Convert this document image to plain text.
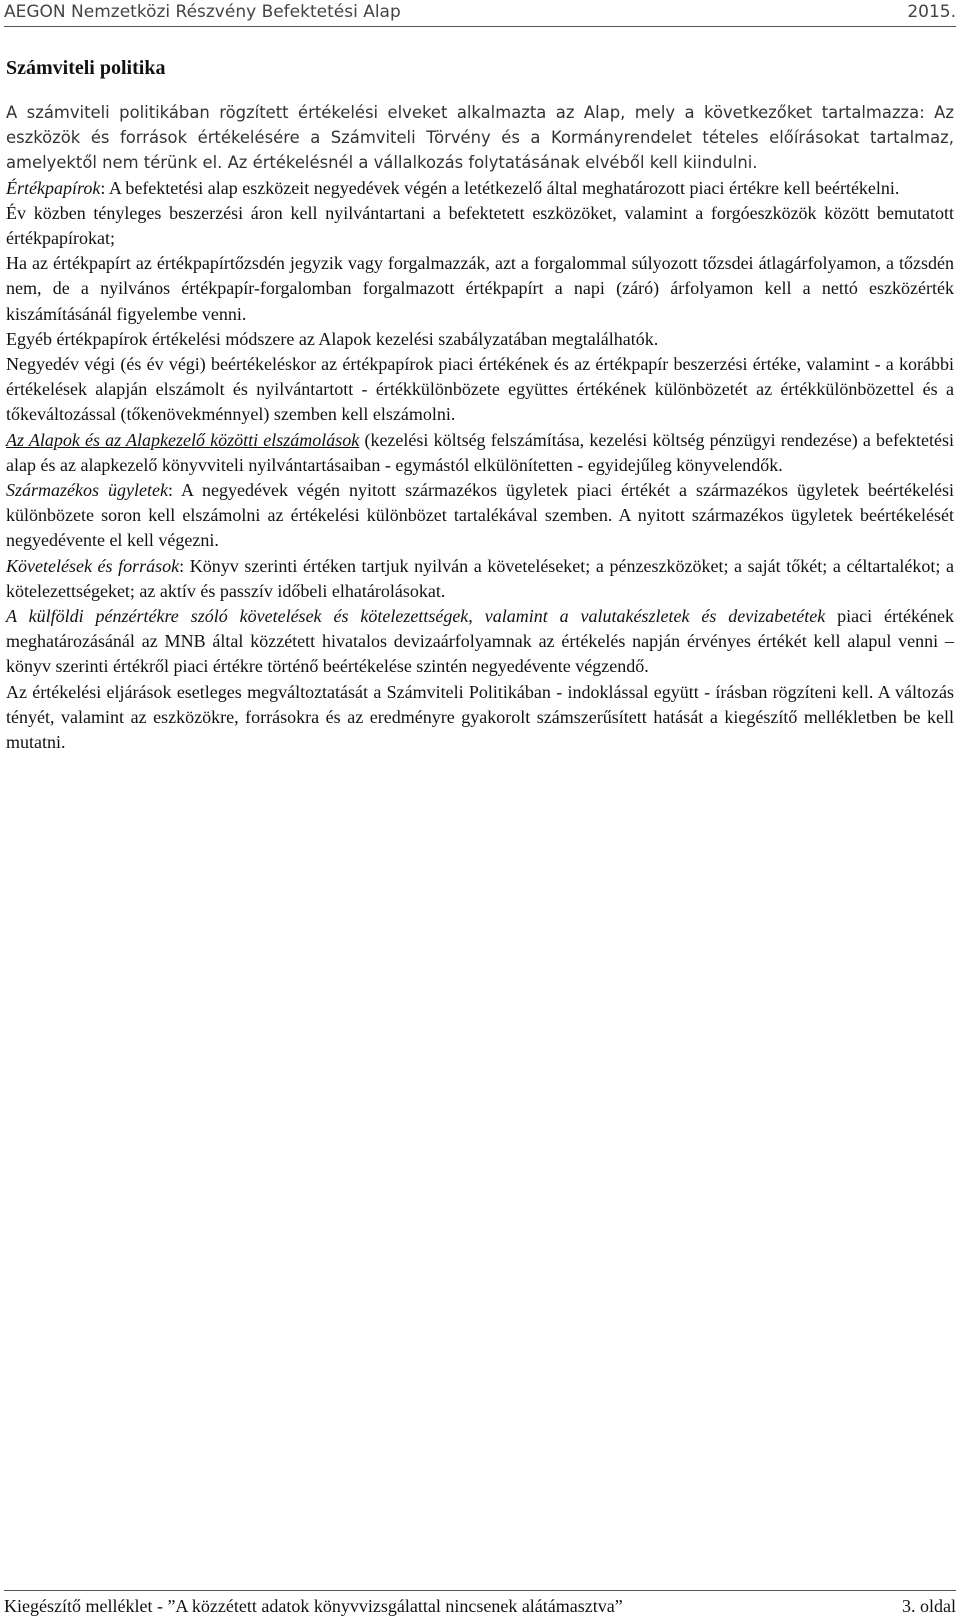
AEGON Nemzetközi Részvény Befektetési Alap	2015.
Számviteli politika

A számviteli politikában rögzített értékelési elveket alkalmazta az Alap, mely a következőket tartalmazza: Az eszközök és források értékelésére a Számviteli Törvény és a Kormányrendelet tételes előírásokat tartalmaz, amelyektől nem térünk el. Az értékelésnél a vállalkozás folytatásának elvéből kell kiindulni.

Értékpapírok: A befektetési alap eszközeit negyedévek végén a letétkezelő által meghatározott piaci értékre kell beértékelni.

Év közben tényleges beszerzési áron kell nyilvántartani a befektetett eszközöket, valamint a forgóeszközök között bemutatott értékpapírokat;

Ha az értékpapírt az értékpapírtőzsdén jegyzik vagy forgalmazzák, azt a forgalommal súlyozott tőzsdei átlagárfolyamon, a tőzsdén nem, de a nyilvános értékpapír-forgalomban forgalmazott értékpapírt a napi (záró) árfolyamon kell a nettó eszközérték kiszámításánál figyelembe venni.

Egyéb értékpapírok értékelési módszere az Alapok kezelési szabályzatában megtalálhatók.

Negyedév végi (és év végi) beértékeléskor az értékpapírok piaci értékének és az értékpapír beszerzési értéke, valamint - a korábbi értékelések alapján elszámolt és nyilvántartott - értékkülönbözete együttes értékének különbözetét az értékkülönbözettel és a tőkeváltozással (tőkenövekménnyel) szemben kell elszámolni.

Az Alapok és az Alapkezelő közötti elszámolások (kezelési költség felszámítása, kezelési költség pénzügyi rendezése) a befektetési alap és az alapkezelő könyvviteli nyilvántartásaiban - egymástól elkülönítetten - egyidejűleg könyvelendők.

Származékos ügyletek: A negyedévek végén nyitott származékos ügyletek piaci értékét a származékos ügyletek beértékelési különbözete soron kell elszámolni az értékelési különbözet tartalékával szemben. A nyitott származékos ügyletek beértékelését negyedévente el kell végezni.

Követelések és források: Könyv szerinti értéken tartjuk nyilván a követeléseket; a pénzeszközöket; a saját tőkét; a céltartalékot; a kötelezettségeket; az aktív és passzív időbeli elhatárolásokat.

A külföldi pénzértékre szóló követelések és kötelezettségek, valamint a valutakészletek és devizabetétek piaci értékének meghatározásánál az MNB által közzétett hivatalos devizaárfolyamnak az értékelés napján érvényes értékét kell alapul venni – könyv szerinti értékről piaci értékre történő beértékelése szintén negyedévente végzendő.

Az értékelési eljárások esetleges megváltoztatását a Számviteli Politikában - indoklással együtt - írásban rögzíteni kell. A változás tényét, valamint az eszközökre, forrásokra és az eredményre gyakorolt számszerűsített hatását a kiegészítő mellékletben be kell mutatni.

Kiegészítő melléklet - ”A közzétett adatok könyvvizsgálattal nincsenek alátámasztva”	3. oldal
